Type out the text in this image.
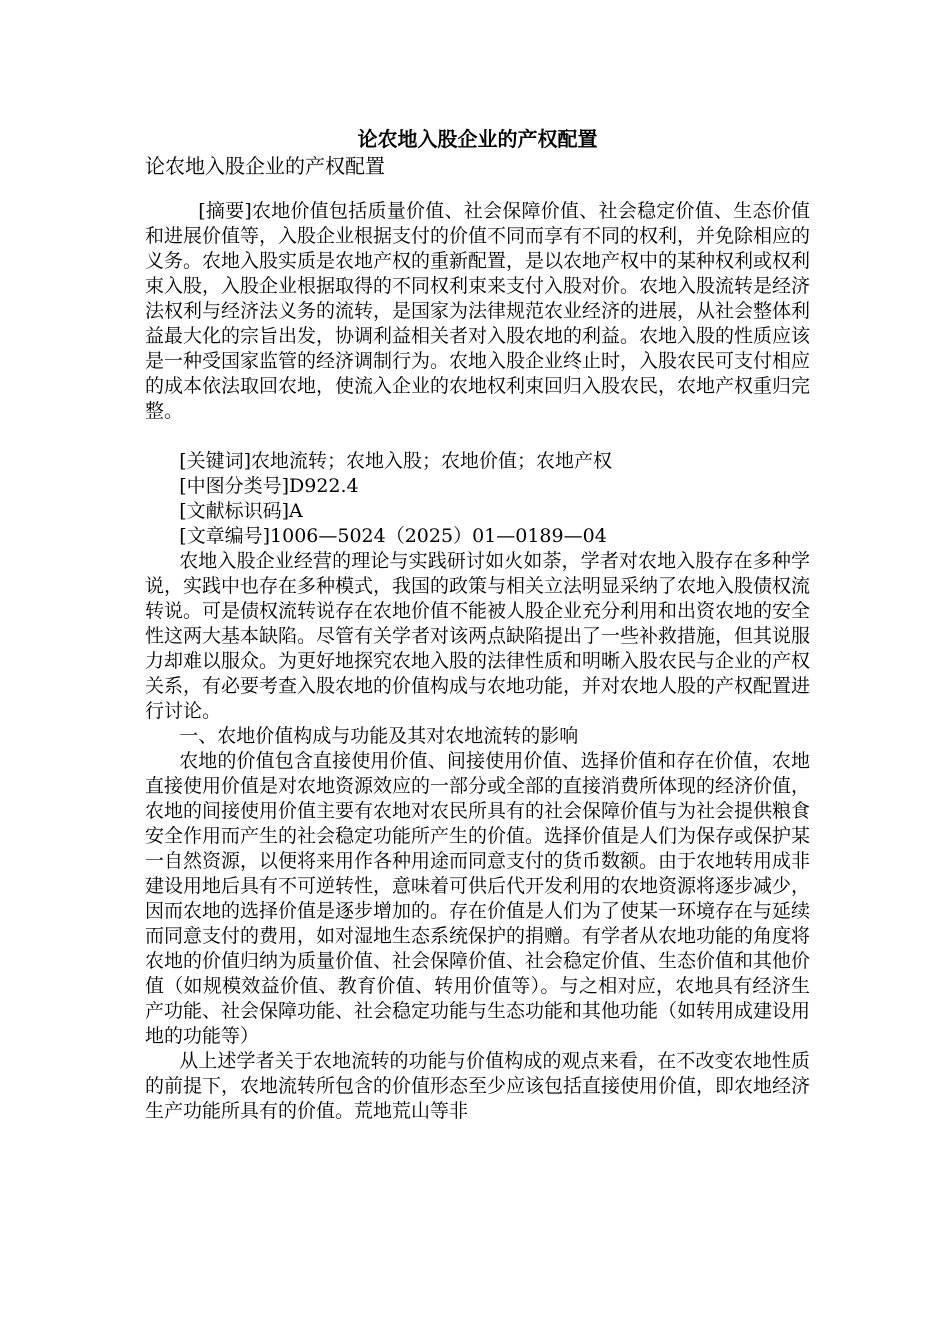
论农地入股企业的产权配置

论农地入股企业的产权配置

[摘要]农地价值包括质量价值、社会保障价值、社会稳定价值、生态价值和进展价值等，入股企业根据支付的价值不同而享有不同的权利，并免除相应的义务。农地入股实质是农地产权的重新配置，是以农地产权中的某种权利或权利束入股，入股企业根据取得的不同权利束来支付入股对价。农地入股流转是经济法权利与经济法义务的流转，是国家为法律规范农业经济的进展，从社会整体利益最大化的宗旨出发，协调利益相关者对入股农地的利益。农地入股的性质应该是一种受国家监管的经济调制行为。农地入股企业终止时，入股农民可支付相应的成本依法取回农地，使流入企业的农地权利束回归入股农民，农地产权重归完整。

[关键词]农地流转；农地入股；农地价值；农地产权

[中图分类号]D922.4

[文献标识码]A

[文章编号]1006—5024（2025）01—0189—04

农地入股企业经营的理论与实践研讨如火如荼，学者对农地入股存在多种学说，实践中也存在多种模式，我国的政策与相关立法明显采纳了农地入股债权流转说。可是债权流转说存在农地价值不能被人股企业充分利用和出资农地的安全性这两大基本缺陷。尽管有关学者对该两点缺陷提出了一些补救措施，但其说服力却难以服众。为更好地探究农地入股的法律性质和明晰入股农民与企业的产权关系，有必要考查入股农地的价值构成与农地功能，并对农地人股的产权配置进行讨论。

一、农地价值构成与功能及其对农地流转的影响

农地的价值包含直接使用价值、间接使用价值、选择价值和存在价值，农地直接使用价值是对农地资源效应的一部分或全部的直接消费所体现的经济价值，农地的间接使用价值主要有农地对农民所具有的社会保障价值与为社会提供粮食安全作用而产生的社会稳定功能所产生的价值。选择价值是人们为保存或保护某一自然资源，以便将来用作各种用途而同意支付的货币数额。由于农地转用成非建设用地后具有不可逆转性，意味着可供后代开发利用的农地资源将逐步减少，因而农地的选择价值是逐步增加的。存在价值是人们为了使某一环境存在与延续而同意支付的费用，如对湿地生态系统保护的捐赠。有学者从农地功能的角度将农地的价值归纳为质量价值、社会保障价值、社会稳定价值、生态价值和其他价值（如规模效益价值、教育价值、转用价值等）。与之相对应，农地具有经济生产功能、社会保障功能、社会稳定功能与生态功能和其他功能（如转用成建设用地的功能等）

从上述学者关于农地流转的功能与价值构成的观点来看，在不改变农地性质的前提下，农地流转所包含的价值形态至少应该包括直接使用价值，即农地经济生产功能所具有的价值。荒地荒山等非
